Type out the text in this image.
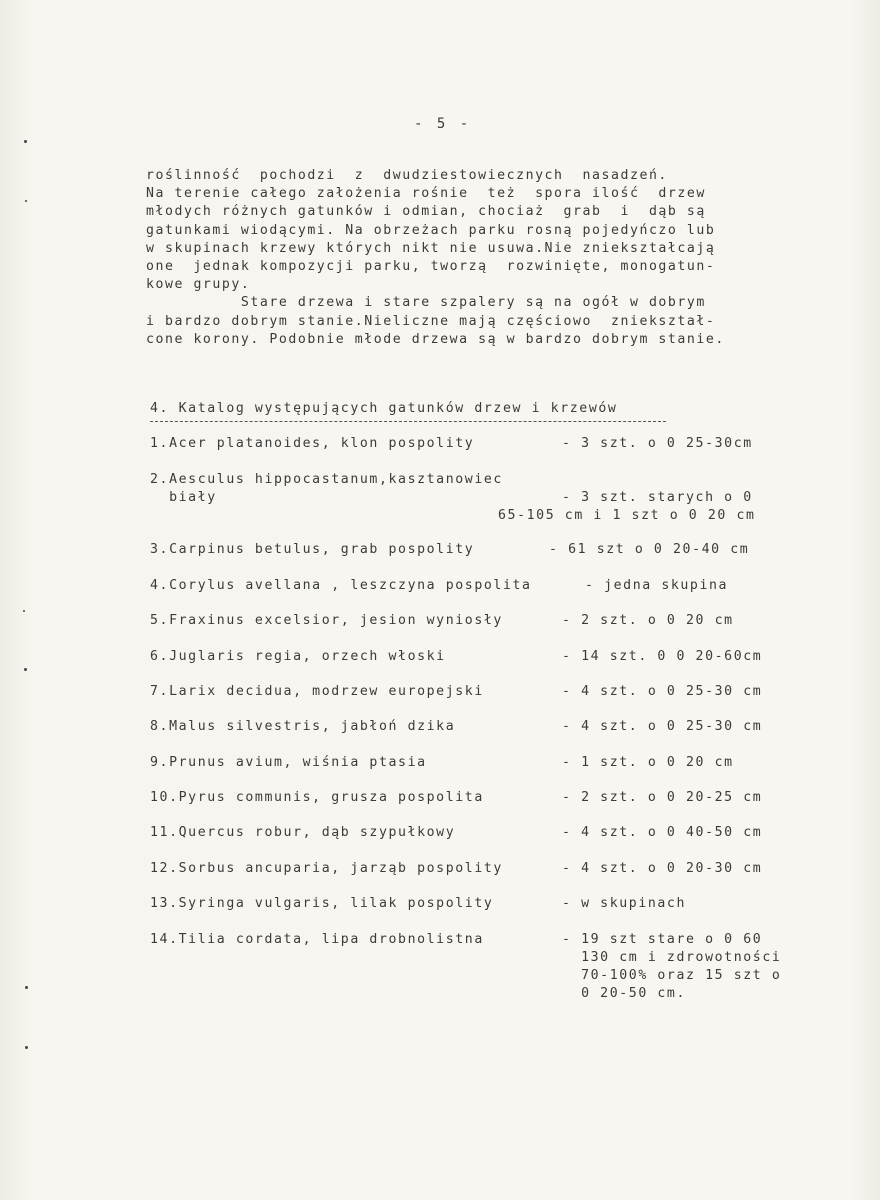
- 5 -
roślinność  pochodzi  z  dwudziestowiecznych  nasadzeń.
Na terenie całego założenia rośnie  też  spora ilość  drzew
młodych różnych gatunków i odmian, chociaż  grab  i  dąb są
gatunkami wiodącymi. Na obrzeżach parku rosną pojedyńczo lub
w skupinach krzewy których nikt nie usuwa.Nie zniekształcają
one  jednak kompozycji parku, tworzą  rozwinięte, monogatun-
kowe grupy.
Stare drzewa i stare szpalery są na ogół w dobrym
i bardzo dobrym stanie.Nieliczne mają częściowo  zniekształ-
cone korony. Podobnie młode drzewa są w bardzo dobrym stanie.
4. Katalog występujących gatunków drzew i krzewów

1.Acer platanoides, klon pospolity

	- 3 szt. o 0 25-30cm

2.Aesculus hippocastanum,kasztanowiec

biały

	- 3 szt. starych o 0

65-105 cm i 1 szt o 0 20 cm

3.Carpinus betulus, grab pospolity

	- 61 szt o 0 20-40 cm

4.Corylus avellana , leszczyna pospolita

	- jedna skupina

5.Fraxinus excelsior, jesion wyniosły

	- 2 szt. o 0 20 cm

6.Juglaris regia, orzech włoski

	- 14 szt. 0 0 20-60cm

7.Larix decidua, modrzew europejski

	- 4 szt. o 0 25-30 cm

8.Malus silvestris, jabłoń dzika

	- 4 szt. o 0 25-30 cm

9.Prunus avium, wiśnia ptasia

	- 1 szt. o 0 20 cm

10.Pyrus communis, grusza pospolita

	- 2 szt. o 0 20-25 cm

11.Quercus robur, dąb szypułkowy

	- 4 szt. o 0 40-50 cm

12.Sorbus ancuparia, jarząb pospolity

	- 4 szt. o 0 20-30 cm

13.Syringa vulgaris, lilak pospolity

	- w skupinach

14.Tilia cordata, lipa drobnolistna

	- 19 szt stare o 0 60

130 cm i zdrowotności

70-100% oraz 15 szt o

0 20-50 cm.
